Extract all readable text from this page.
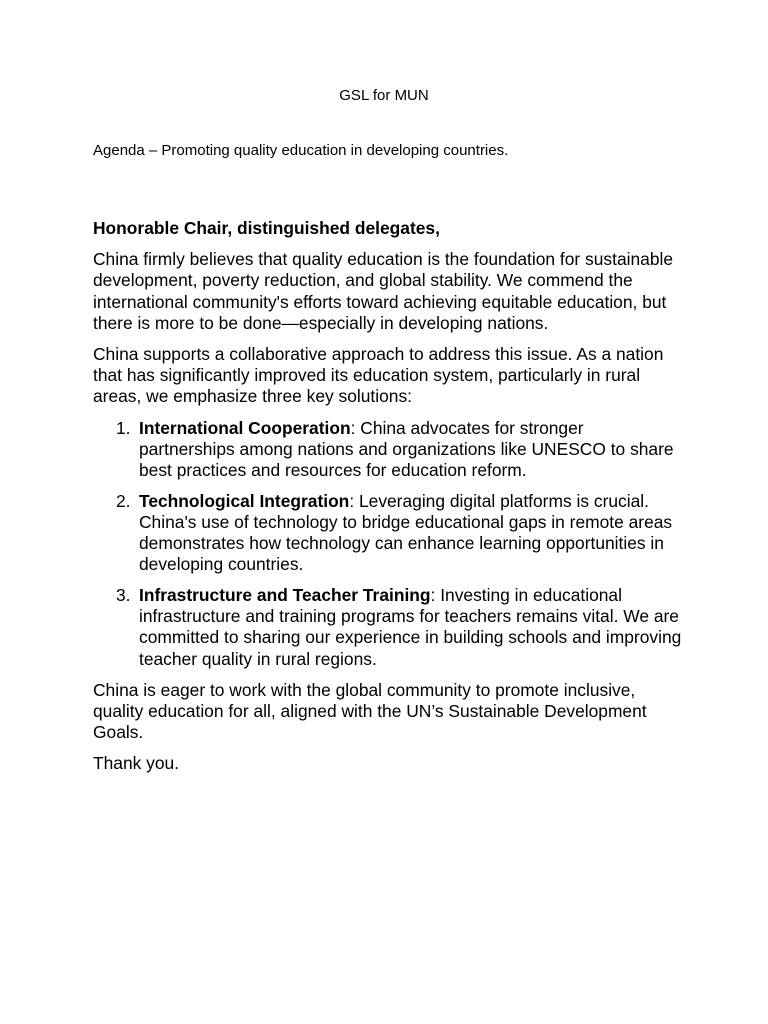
GSL for MUN

Agenda – Promoting quality education in developing countries.

Honorable Chair, distinguished delegates,

China firmly believes that quality education is the foundation for sustainable development, poverty reduction, and global stability. We commend the international community's efforts toward achieving equitable education, but there is more to be done—especially in developing nations.

China supports a collaborative approach to address this issue. As a nation that has significantly improved its education system, particularly in rural areas, we emphasize three key solutions:

1. International Cooperation: China advocates for stronger partnerships among nations and organizations like UNESCO to share best practices and resources for education reform.
2. Technological Integration: Leveraging digital platforms is crucial. China's use of technology to bridge educational gaps in remote areas demonstrates how technology can enhance learning opportunities in developing countries.
3. Infrastructure and Teacher Training: Investing in educational infrastructure and training programs for teachers remains vital. We are committed to sharing our experience in building schools and improving teacher quality in rural regions.

China is eager to work with the global community to promote inclusive, quality education for all, aligned with the UN’s Sustainable Development Goals.

Thank you.
